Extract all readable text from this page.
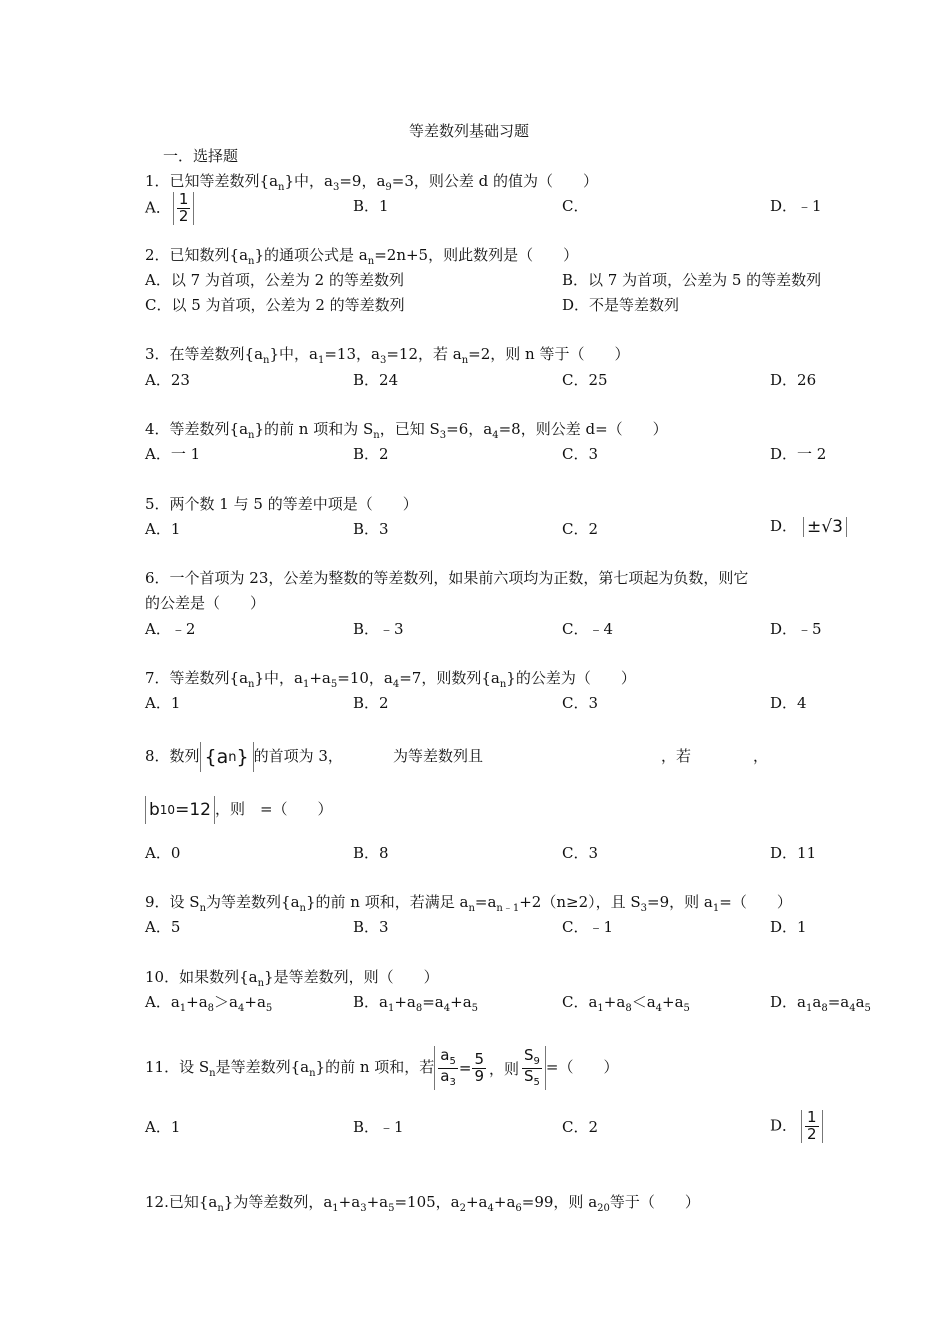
等差数列基础习题
一．选择题
1．已知等差数列$\{a_n\}$中，$a_3=9$，$a_9=3$，则公差 d 的值为（　　）
A． $\frac{1}{2}$	B．1	C．	D．﹣1
2．已知数列$\{a_n\}$的通项公式是 $a_n=2n+5$，则此数列是（　　）
A．以 7 为首项，公差为 2 的等差数列	B．以 7 为首项，公差为 5 的等差数列
C．以 5 为首项，公差为 2 的等差数列	D．不是等差数列
3．在等差数列$\{a_n\}$中，$a_1=13$，$a_3=12$，若 $a_n=2$，则 n 等于（　　）
A．23	B．24	C．25	D．26
4．等差数列$\{a_n\}$的前 n 项和为 $S_n$，已知 $S_3=6$，$a_4=8$，则公差 d=（　　）
A．一 1	B．2	C．3	D．一 2
5．两个数 1 与 5 的等差中项是（　　）
A．1	B．3	C．2	D． ±√3
6．一个首项为 23，公差为整数的等差数列，如果前六项均为正数，第七项起为负数，则它
的公差是（　　）
A．﹣2	B．﹣3	C．﹣4	D．﹣5
7．等差数列$\{a_n\}$中，$a_1+a_5=10$，$a_4=7$，则数列$\{a_n\}$的公差为（　　）
A．1	B．2	C．3	D．4
8．数列 {a n } 的首项为 3，	为等差数列且	，若	，
b 10 =12 ，则　=（　　）
A．0	B．8	C．3	D．11
9．设 $S_n$为等差数列$\{a_n\}$的前 n 项和，若满足 $a_n=a_{n﹣1}+2(n\ge 2)$，且 $S_3=9$，则 $a_1=$（　　）
A．5	B．3	C．﹣1	D．1
10．如果数列$\{a_n\}$是等差数列，则（　　）
A．$a_1+a_8>a_4+a_5$	B．$a_1+a_8=a_4+a_5$	C．$a_1+a_8<a_4+a_5$	D．$a_1a_8=a_4a_5$
11．设 $S_n$是等差数列$\{a_n\}$的前 n 项和，若 $\frac{a_5}{a_3} = \frac{5}{9}$ ，则 $\frac{S_9}{S_5}$ =（　　）
A．1	B．﹣1	C．2	D． $\frac{1}{2}$
12.已知$\{a_n\}$为等差数列，$a_1+a_3+a_5=105$，$a_2+a_4+a_6=99$，则 $a_{20}$等于（　　）
